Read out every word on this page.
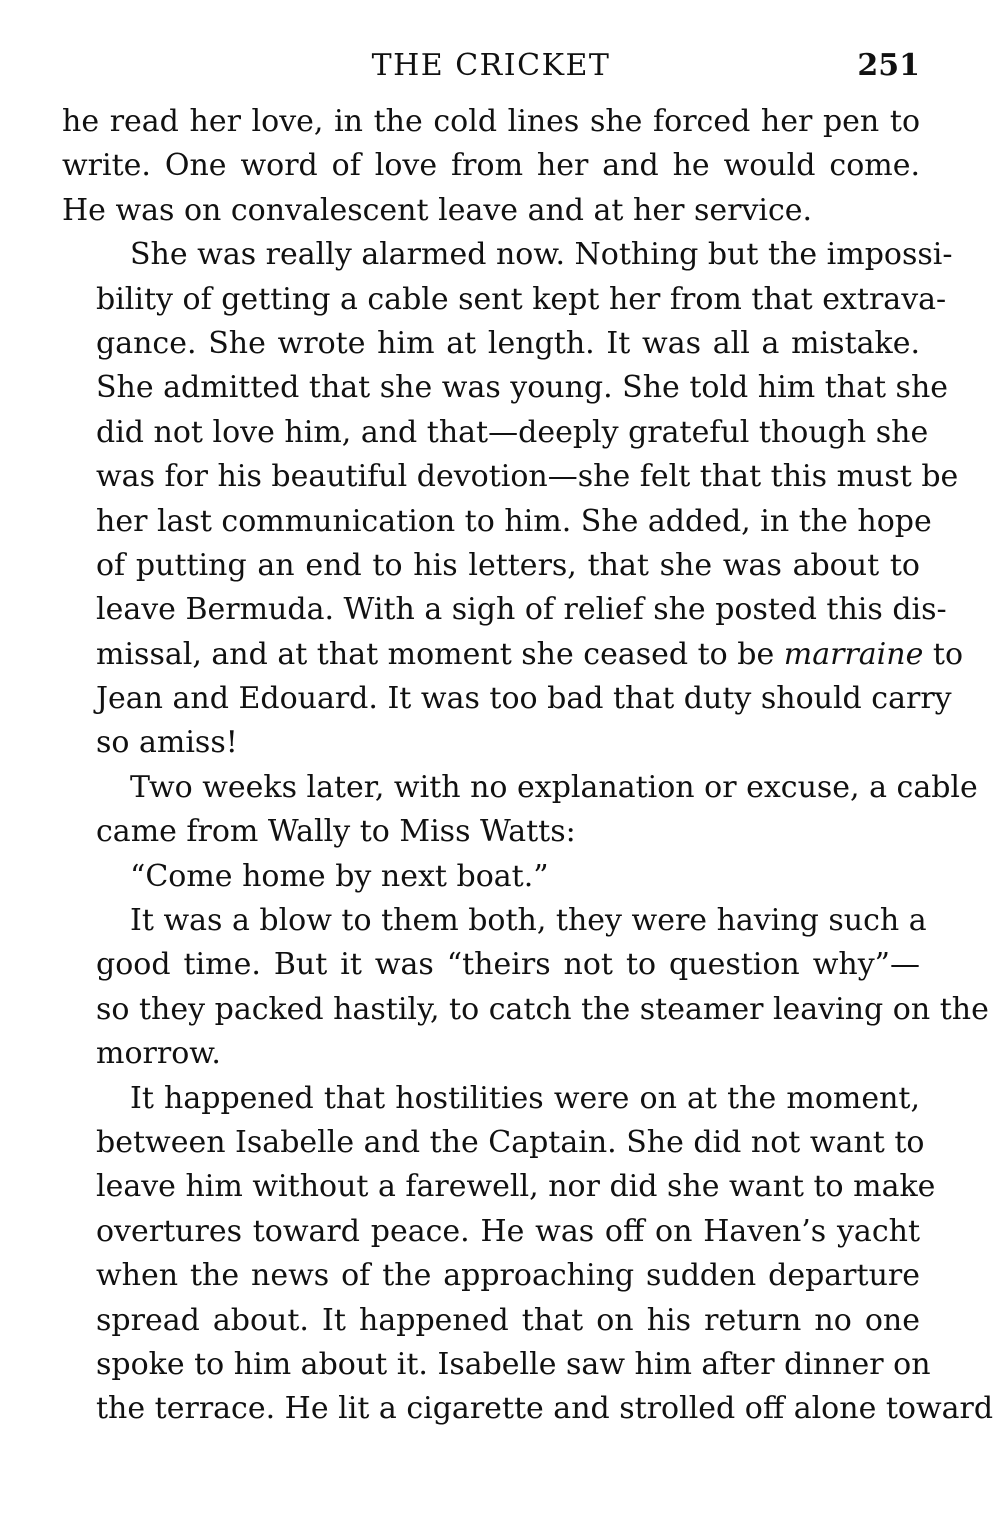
THE CRICKET	251
he read her love, in the cold lines she forced her pen to
write. One word of love from her and he would come.
He was on convalescent leave and at her service.
She was really alarmed now. Nothing but the impossi-
bility of getting a cable sent kept her from that extrava-
gance. She wrote him at length. It was all a mistake.
She admitted that she was young. She told him that she
did not love him, and that—deeply grateful though she
was for his beautiful devotion—she felt that this must be
her last communication to him. She added, in the hope
of putting an end to his letters, that she was about to
leave Bermuda. With a sigh of relief she posted this dis-
missal, and at that moment she ceased to be marraine to
Jean and Edouard. It was too bad that duty should carry
so amiss!
Two weeks later, with no explanation or excuse, a cable
came from Wally to Miss Watts:
“Come home by next boat.”
It was a blow to them both, they were having such a
good time. But it was “theirs not to question why”—
so they packed hastily, to catch the steamer leaving on the
morrow.
It happened that hostilities were on at the moment,
between Isabelle and the Captain. She did not want to
leave him without a farewell, nor did she want to make
overtures toward peace. He was off on Haven’s yacht
when the news of the approaching sudden departure
spread about. It happened that on his return no one
spoke to him about it. Isabelle saw him after dinner on
the terrace. He lit a cigarette and strolled off alone toward
